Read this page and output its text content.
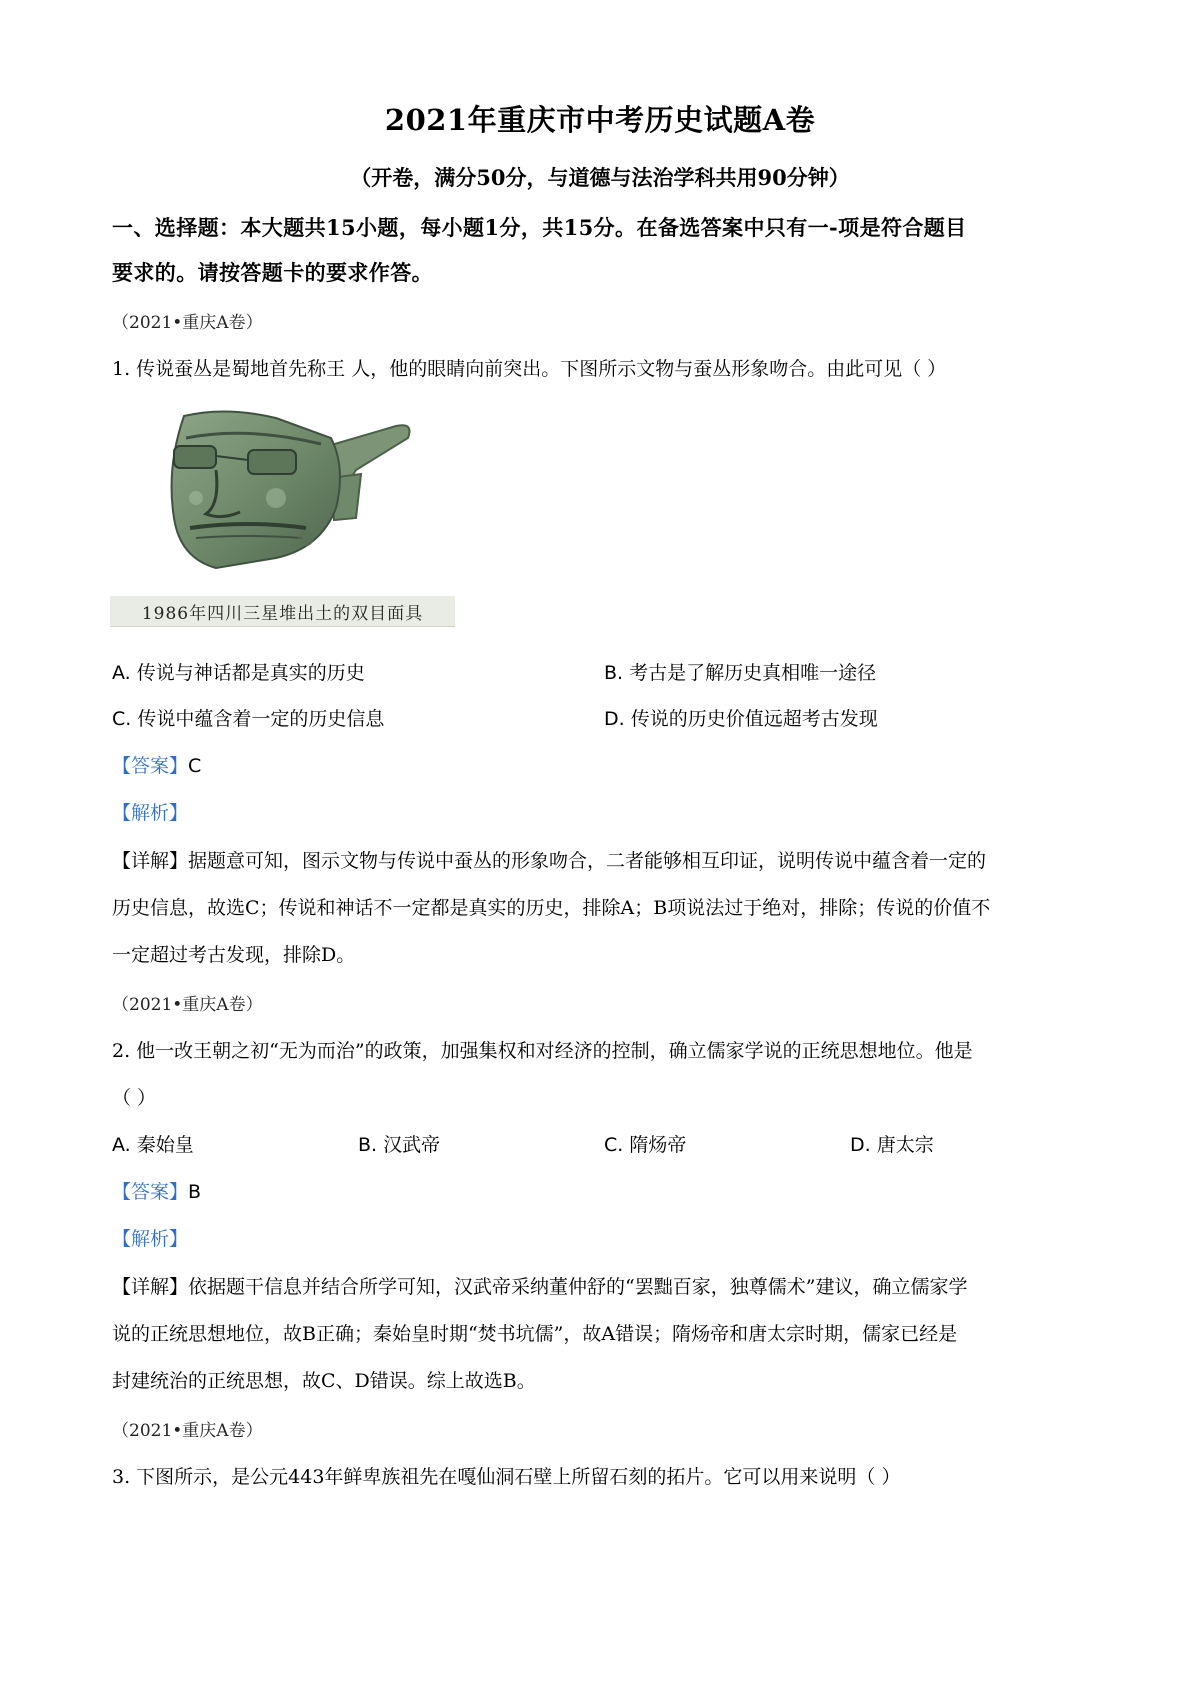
2021年重庆市中考历史试题A卷
（开卷，满分50分，与道德与法治学科共用90分钟）
一、选择题：本大题共15小题，每小题1分，共15分。在备选答案中只有一-项是符合题目
要求的。请按答题卡的要求作答。
（2021•重庆A卷）
1. 传说蚕丛是蜀地首先称王 人，他的眼睛向前突出。下图所示文物与蚕丛形象吻合。由此可见（ ）
1986年四川三星堆出土的双目面具
A. 传说与神话都是真实的历史	B. 考古是了解历史真相唯一途径
C. 传说中蕴含着一定的历史信息	D. 传说的历史价值远超考古发现
【答案】C
【解析】
【详解】据题意可知，图示文物与传说中蚕丛的形象吻合，二者能够相互印证，说明传说中蕴含着一定的
历史信息，故选C；传说和神话不一定都是真实的历史，排除A；B项说法过于绝对，排除；传说的价值不
一定超过考古发现，排除D。
（2021•重庆A卷）
2. 他一改王朝之初“无为而治”的政策，加强集权和对经济的控制，确立儒家学说的正统思想地位。他是
（ ）
A. 秦始皇	B. 汉武帝	C. 隋炀帝	D. 唐太宗
【答案】B
【解析】
【详解】依据题干信息并结合所学可知，汉武帝采纳董仲舒的“罢黜百家，独尊儒术”建议，确立儒家学
说的正统思想地位，故B正确；秦始皇时期“焚书坑儒”，故A错误；隋炀帝和唐太宗时期，儒家已经是
封建统治的正统思想，故C、D错误。综上故选B。
（2021•重庆A卷）
3. 下图所示，是公元443年鲜卑族祖先在嘎仙洞石壁上所留石刻的拓片。它可以用来说明（ ）
